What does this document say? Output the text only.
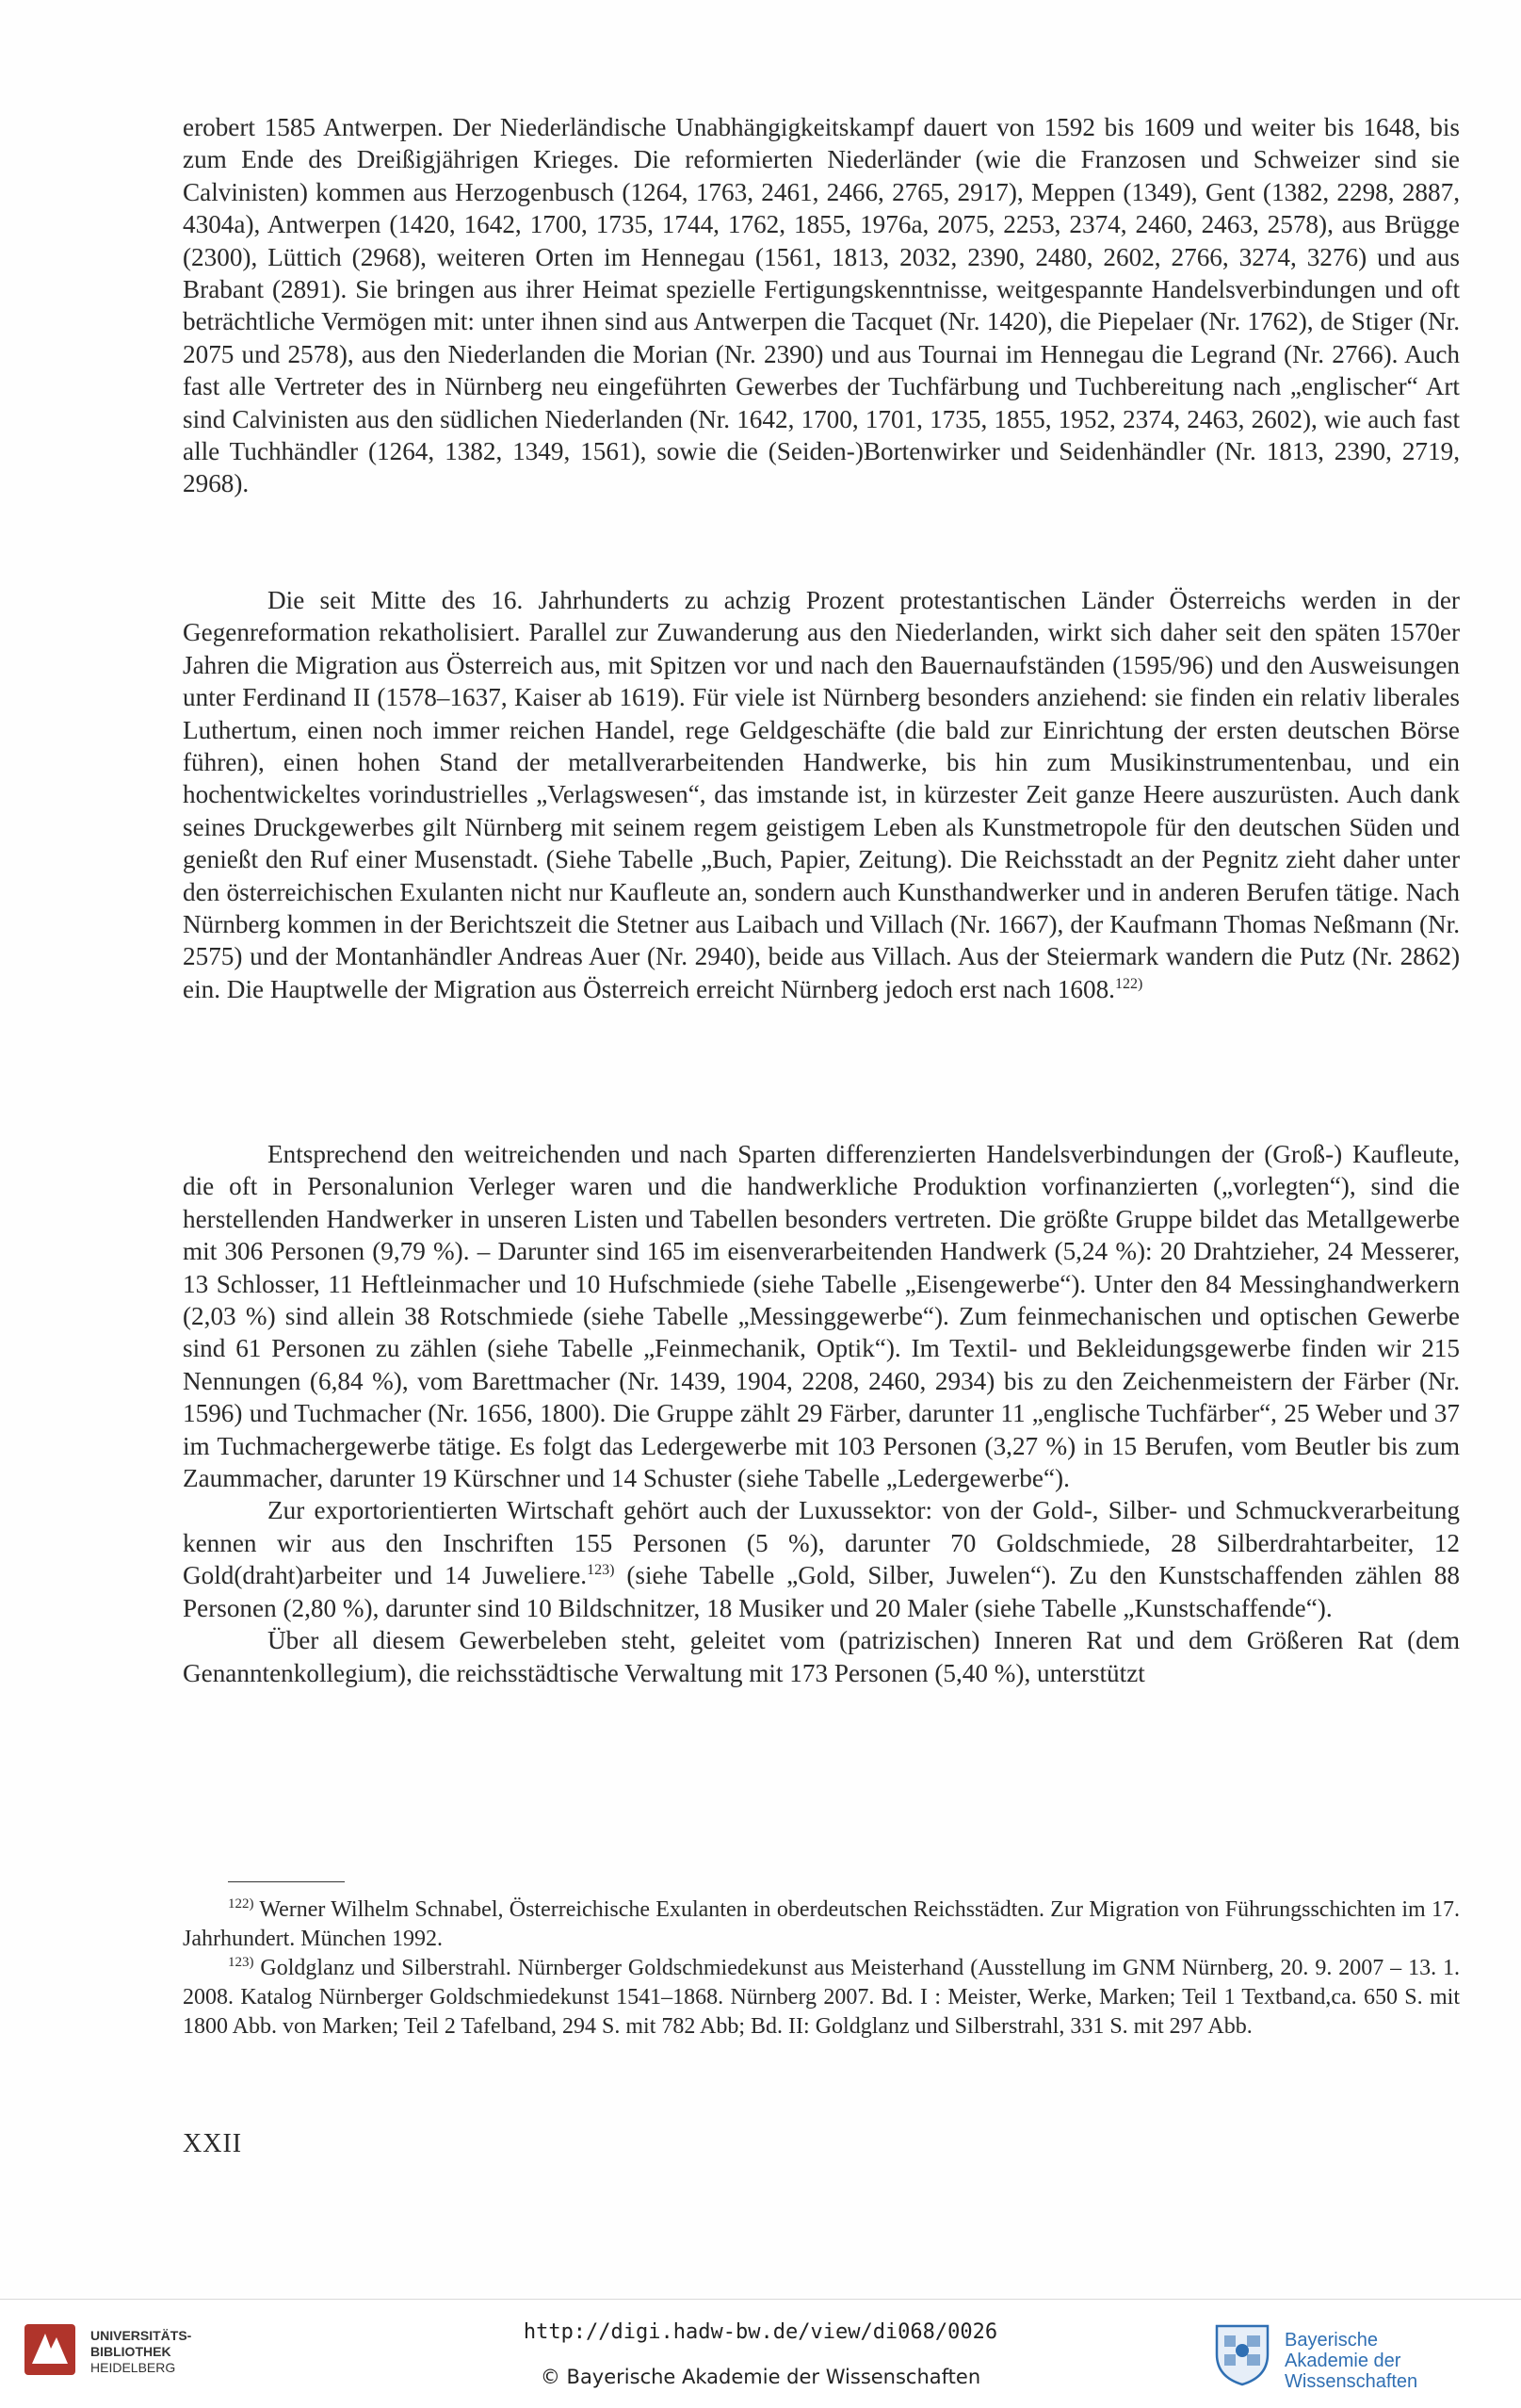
erobert 1585 Antwerpen. Der Niederländische Unabhängigkeitskampf dauert von 1592 bis 1609 und weiter bis 1648, bis zum Ende des Dreißigjährigen Krieges. Die reformierten Niederländer (wie die Franzosen und Schweizer sind sie Calvinisten) kommen aus Herzogenbusch (1264, 1763, 2461, 2466, 2765, 2917), Meppen (1349), Gent (1382, 2298, 2887, 4304a), Antwerpen (1420, 1642, 1700, 1735, 1744, 1762, 1855, 1976a, 2075, 2253, 2374, 2460, 2463, 2578), aus Brügge (2300), Lüttich (2968), weiteren Orten im Hennegau (1561, 1813, 2032, 2390, 2480, 2602, 2766, 3274, 3276) und aus Brabant (2891). Sie bringen aus ihrer Heimat spezielle Fertigungskenntnisse, weitgespannte Handelsverbindungen und oft beträchtliche Vermögen mit: unter ihnen sind aus Antwerpen die Tacquet (Nr. 1420), die Piepelaer (Nr. 1762), de Stiger (Nr. 2075 und 2578), aus den Niederlanden die Morian (Nr. 2390) und aus Tournai im Hennegau die Legrand (Nr. 2766). Auch fast alle Vertreter des in Nürnberg neu eingeführten Gewerbes der Tuchfärbung und Tuchbereitung nach „englischer“ Art sind Calvinisten aus den südlichen Niederlanden (Nr. 1642, 1700, 1701, 1735, 1855, 1952, 2374, 2463, 2602), wie auch fast alle Tuchhändler (1264, 1382, 1349, 1561), sowie die (Seiden-)Bortenwirker und Seidenhändler (Nr. 1813, 2390, 2719, 2968).

Die seit Mitte des 16. Jahrhunderts zu achzig Prozent protestantischen Länder Österreichs werden in der Gegenreformation rekatholisiert. Parallel zur Zuwanderung aus den Niederlanden, wirkt sich daher seit den späten 1570er Jahren die Migration aus Österreich aus, mit Spitzen vor und nach den Bauernaufständen (1595/96) und den Ausweisungen unter Ferdinand II (1578–1637, Kaiser ab 1619). Für viele ist Nürnberg besonders anziehend: sie finden ein relativ liberales Luthertum, einen noch immer reichen Handel, rege Geldgeschäfte (die bald zur Einrichtung der ersten deutschen Börse führen), einen hohen Stand der metallverarbeitenden Handwerke, bis hin zum Musikinstrumentenbau, und ein hochentwickeltes vorindustrielles „Verlagswesen“, das imstande ist, in kürzester Zeit ganze Heere auszurüsten. Auch dank seines Druckgewerbes gilt Nürnberg mit seinem regem geistigem Leben als Kunstmetropole für den deutschen Süden und genießt den Ruf einer Musenstadt. (Siehe Tabelle „Buch, Papier, Zeitung). Die Reichsstadt an der Pegnitz zieht daher unter den österreichischen Exulanten nicht nur Kaufleute an, sondern auch Kunsthandwerker und in anderen Berufen tätige. Nach Nürnberg kommen in der Berichtszeit die Stetner aus Laibach und Villach (Nr. 1667), der Kaufmann Thomas Neßmann (Nr. 2575) und der Montanhändler Andreas Auer (Nr. 2940), beide aus Villach. Aus der Steiermark wandern die Putz (Nr. 2862) ein. Die Hauptwelle der Migration aus Österreich erreicht Nürnberg jedoch erst nach 1608.$^{122)}$

Entsprechend den weitreichenden und nach Sparten differenzierten Handelsverbindungen der (Groß-) Kaufleute, die oft in Personalunion Verleger waren und die handwerkliche Produktion vorfinanzierten („vorlegten“), sind die herstellenden Handwerker in unseren Listen und Tabellen besonders vertreten. Die größte Gruppe bildet das Metallgewerbe mit 306 Personen (9,79 %). – Darunter sind 165 im eisenverarbeitenden Handwerk (5,24 %): 20 Drahtzieher, 24 Messerer, 13 Schlosser, 11 Heftleinmacher und 10 Hufschmiede (siehe Tabelle „Eisengewerbe“). Unter den 84 Messinghandwerkern (2,03 %) sind allein 38 Rotschmiede (siehe Tabelle „Messinggewerbe“). Zum feinmechanischen und optischen Gewerbe sind 61 Personen zu zählen (siehe Tabelle „Feinmechanik, Optik“). Im Textil- und Bekleidungsgewerbe finden wir 215 Nennungen (6,84 %), vom Barettmacher (Nr. 1439, 1904, 2208, 2460, 2934) bis zu den Zeichenmeistern der Färber (Nr. 1596) und Tuchmacher (Nr. 1656, 1800). Die Gruppe zählt 29 Färber, darunter 11 „englische Tuchfärber“, 25 Weber und 37 im Tuchmachergewerbe tätige. Es folgt das Ledergewerbe mit 103 Personen (3,27 %) in 15 Berufen, vom Beutler bis zum Zaummacher, darunter 19 Kürschner und 14 Schuster (siehe Tabelle „Ledergewerbe“).

Zur exportorientierten Wirtschaft gehört auch der Luxussektor: von der Gold-, Silber- und Schmuckverarbeitung kennen wir aus den Inschriften 155 Personen (5 %), darunter 70 Goldschmiede, 28 Silberdrahtarbeiter, 12 Gold(draht)arbeiter und 14 Juweliere.$^{123)}$ (siehe Tabelle „Gold, Silber, Juwelen“). Zu den Kunstschaffenden zählen 88 Personen (2,80 %), darunter sind 10 Bildschnitzer, 18 Musiker und 20 Maler (siehe Tabelle „Kunstschaffende“).

Über all diesem Gewerbeleben steht, geleitet vom (patrizischen) Inneren Rat und dem Größeren Rat (dem Genanntenkollegium), die reichsstädtische Verwaltung mit 173 Personen (5,40 %), unterstützt

$^{122)}$ Werner Wilhelm Schnabel, Österreichische Exulanten in oberdeutschen Reichsstädten. Zur Migration von Führungsschichten im 17. Jahrhundert. München 1992.

$^{123)}$ Goldglanz und Silberstrahl. Nürnberger Goldschmiedekunst aus Meisterhand (Ausstellung im GNM Nürnberg, 20. 9. 2007 – 13. 1. 2008. Katalog Nürnberger Goldschmiedekunst 1541–1868. Nürnberg 2007. Bd. I : Meister, Werke, Marken; Teil 1 Textband,ca. 650 S. mit 1800 Abb. von Marken; Teil 2 Tafelband, 294 S. mit 782 Abb; Bd. II: Goldglanz und Silberstrahl, 331 S. mit 297 Abb.

XXII
UNIVERSITÄTS-
BIBLIOTHEK
HEIDELBERG
http://digi.hadw-bw.de/view/di068/0026
© Bayerische Akademie der Wissenschaften
Bayerische
Akademie der Wissenschaften
